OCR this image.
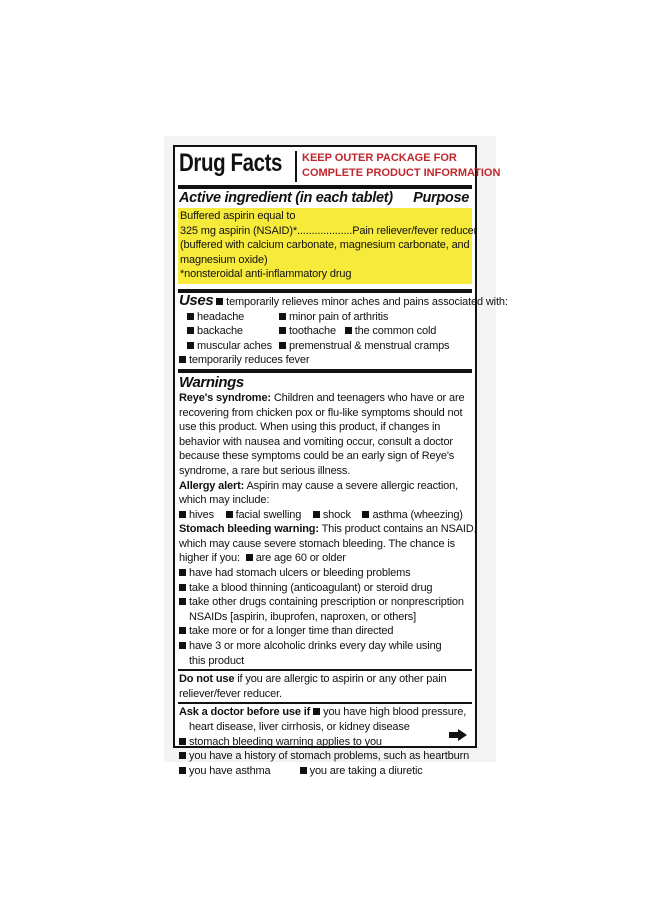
Drug Facts KEEP OUTER PACKAGE FOR
COMPLETE PRODUCT INFORMATION
Active ingredient (in each tablet) Purpose
Buffered aspirin equal to
325 mg aspirin (NSAID)*................... Pain reliever/fever reducer
(buffered with calcium carbonate, magnesium carbonate, and
magnesium oxide)
*nonsteroidal anti-inflammatory drug
Uses temporarily relieves minor aches and pains associated with:
headache	minor pain of arthritis
backache	toothache the common cold
muscular aches	premenstrual & menstrual cramps
temporarily reduces fever
Warnings
Reye's syndrome: Children and teenagers who have or are
recovering from chicken pox or flu-like symptoms should not
use this product. When using this product, if changes in
behavior with nausea and vomiting occur, consult a doctor
because these symptoms could be an early sign of Reye's
syndrome, a rare but serious illness.
Allergy alert: Aspirin may cause a severe allergic reaction,
which may include:
hives facial swelling shock asthma (wheezing)
Stomach bleeding warning: This product contains an NSAID,
which may cause severe stomach bleeding. The chance is
higher if you: are age 60 or older
have had stomach ulcers or bleeding problems
take a blood thinning (anticoagulant) or steroid drug
take other drugs containing prescription or nonprescription
NSAIDs [aspirin, ibuprofen, naproxen, or others]
take more or for a longer time than directed
have 3 or more alcoholic drinks every day while using
this product
Do not use if you are allergic to aspirin or any other pain
reliever/fever reducer.
Ask a doctor before use if you have high blood pressure,
heart disease, liver cirrhosis, or kidney disease
stomach bleeding warning applies to you
you have a history of stomach problems, such as heartburn
you have asthma	you are taking a diuretic
